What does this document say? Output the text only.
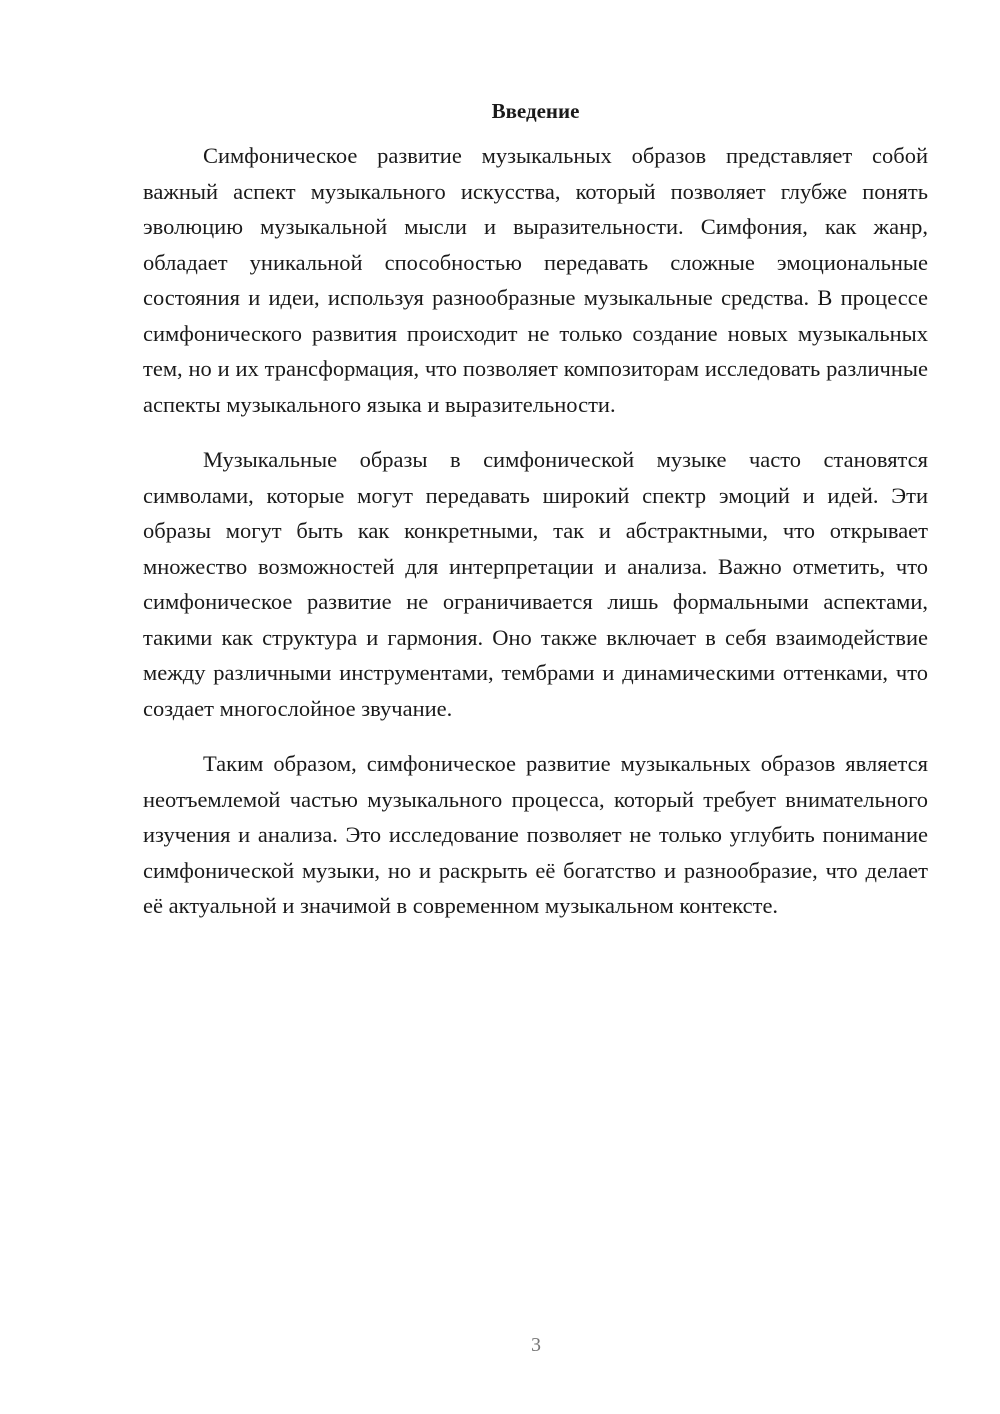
Введение

Симфоническое развитие музыкальных образов представляет собой важный аспект музыкального искусства, который позволяет глубже понять эволюцию музыкальной мысли и выразительности. Симфония, как жанр, обладает уникальной способностью передавать сложные эмоциональные состояния и идеи, используя разнообразные музыкальные средства. В процессе симфонического развития происходит не только создание новых музыкальных тем, но и их трансформация, что позволяет композиторам исследовать различные аспекты музыкального языка и выразительности.

Музыкальные образы в симфонической музыке часто становятся символами, которые могут передавать широкий спектр эмоций и идей. Эти образы могут быть как конкретными, так и абстрактными, что открывает множество возможностей для интерпретации и анализа. Важно отметить, что симфоническое развитие не ограничивается лишь формальными аспектами, такими как структура и гармония. Оно также включает в себя взаимодействие между различными инструментами, тембрами и динамическими оттенками, что создает многослойное звучание.

Таким образом, симфоническое развитие музыкальных образов является неотъемлемой частью музыкального процесса, который требует внимательного изучения и анализа. Это исследование позволяет не только углубить понимание симфонической музыки, но и раскрыть её богатство и разнообразие, что делает её актуальной и значимой в современном музыкальном контексте.

3
